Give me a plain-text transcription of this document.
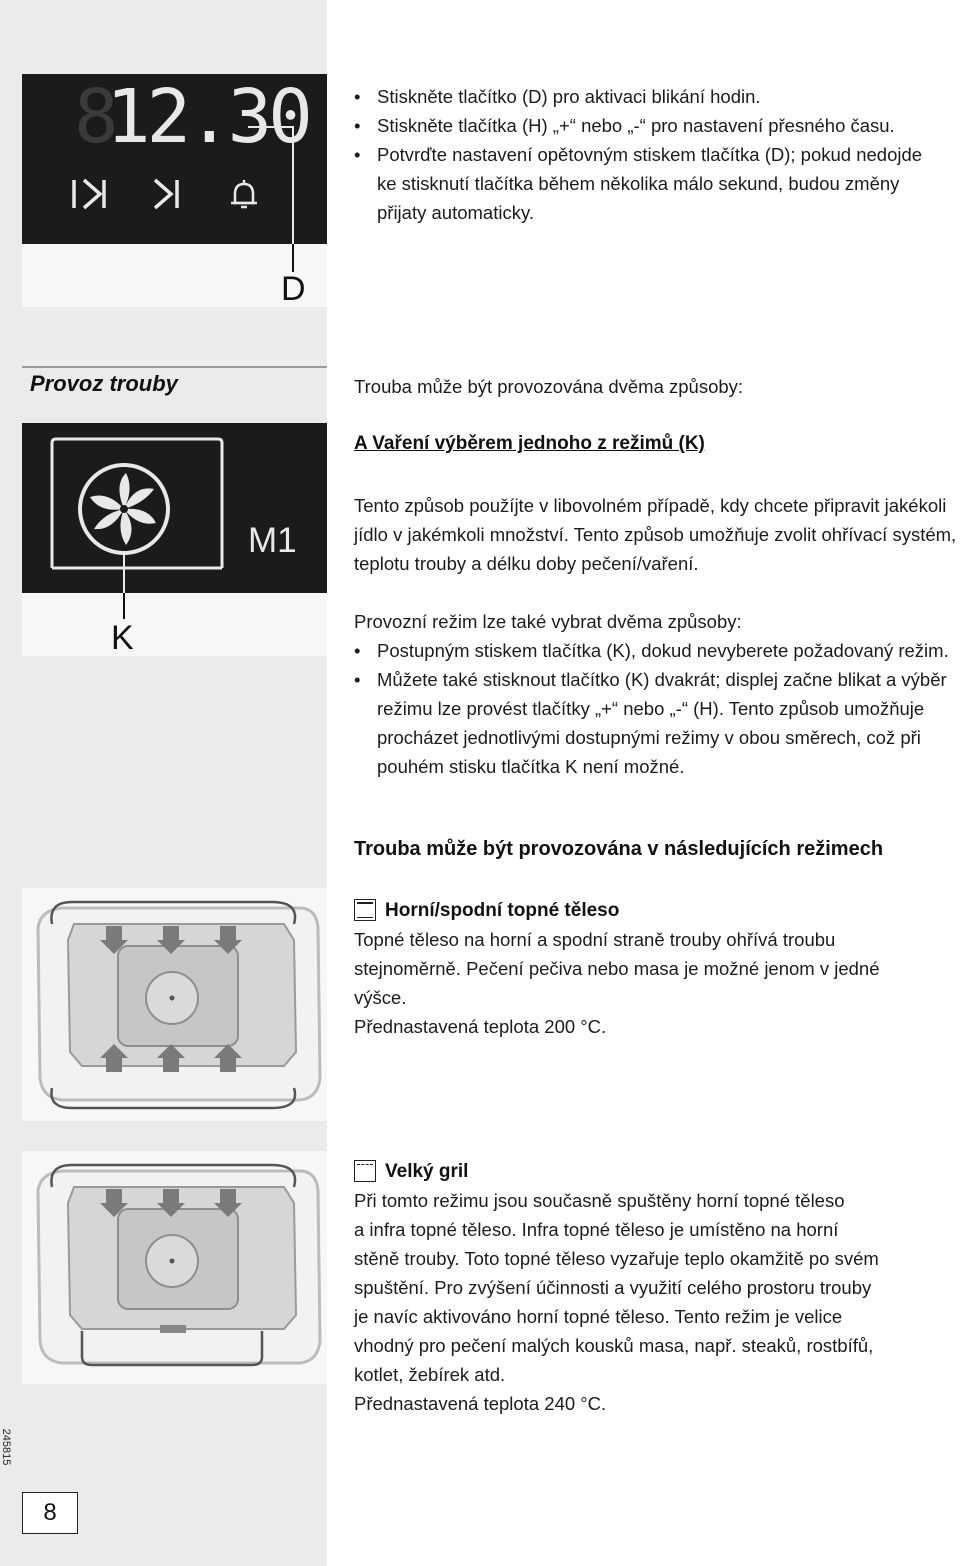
8
12.30
D
• Stiskněte tlačítko (D) pro aktivaci blikání hodin.
• Stiskněte tlačítka (H) „+“ nebo „-“ pro nastavení přesného času.
• Potvrďte nastavení opětovným stiskem tlačítka (D); pokud nedojde ke stisknutí tlačítka během několika málo sekund, budou změny přijaty automaticky.
Provoz trouby	Trouba může být provozována dvěma způsoby:
M1
K
A Vaření výběrem jednoho z režimů (K)
Tento způsob použíjte v libovolném případě, kdy chcete připravit jakékoli jídlo v jakémkoli množství. Tento způsob umožňuje zvolit ohřívací systém, teplotu trouby a délku doby pečení/vaření.
Provozní režim lze také vybrat dvěma způsoby:
• Postupným stiskem tlačítka (K), dokud nevyberete požadovaný režim.
• Můžete také stisknout tlačítko (K) dvakrát; displej začne blikat a výběr režimu lze provést tlačítky „+“ nebo „-“ (H). Tento způsob umožňuje procházet jednotlivými dostupnými režimy v obou směrech, což při pouhém stisku tlačítka K není možné.
Trouba může být provozována v následujících režimech
Horní/spodní topné těleso
Topné těleso na horní a spodní straně trouby ohřívá troubu
stejnoměrně. Pečení pečiva nebo masa je možné jenom v jedné
výšce.
Přednastavená teplota 200 °C.
Velký gril
Při tomto režimu jsou současně spuštěny horní topné těleso
a infra topné těleso. Infra topné těleso je umístěno na horní
stěně trouby. Toto topné těleso vyzařuje teplo okamžitě po svém
spuštění. Pro zvýšení účinnosti a využití celého prostoru trouby
je navíc aktivováno horní topné těleso. Tento režim je velice
vhodný pro pečení malých kousků masa, např. steaků, rostbífů,
kotlet, žebírek atd.
Přednastavená teplota 240 °C.
245815
8
